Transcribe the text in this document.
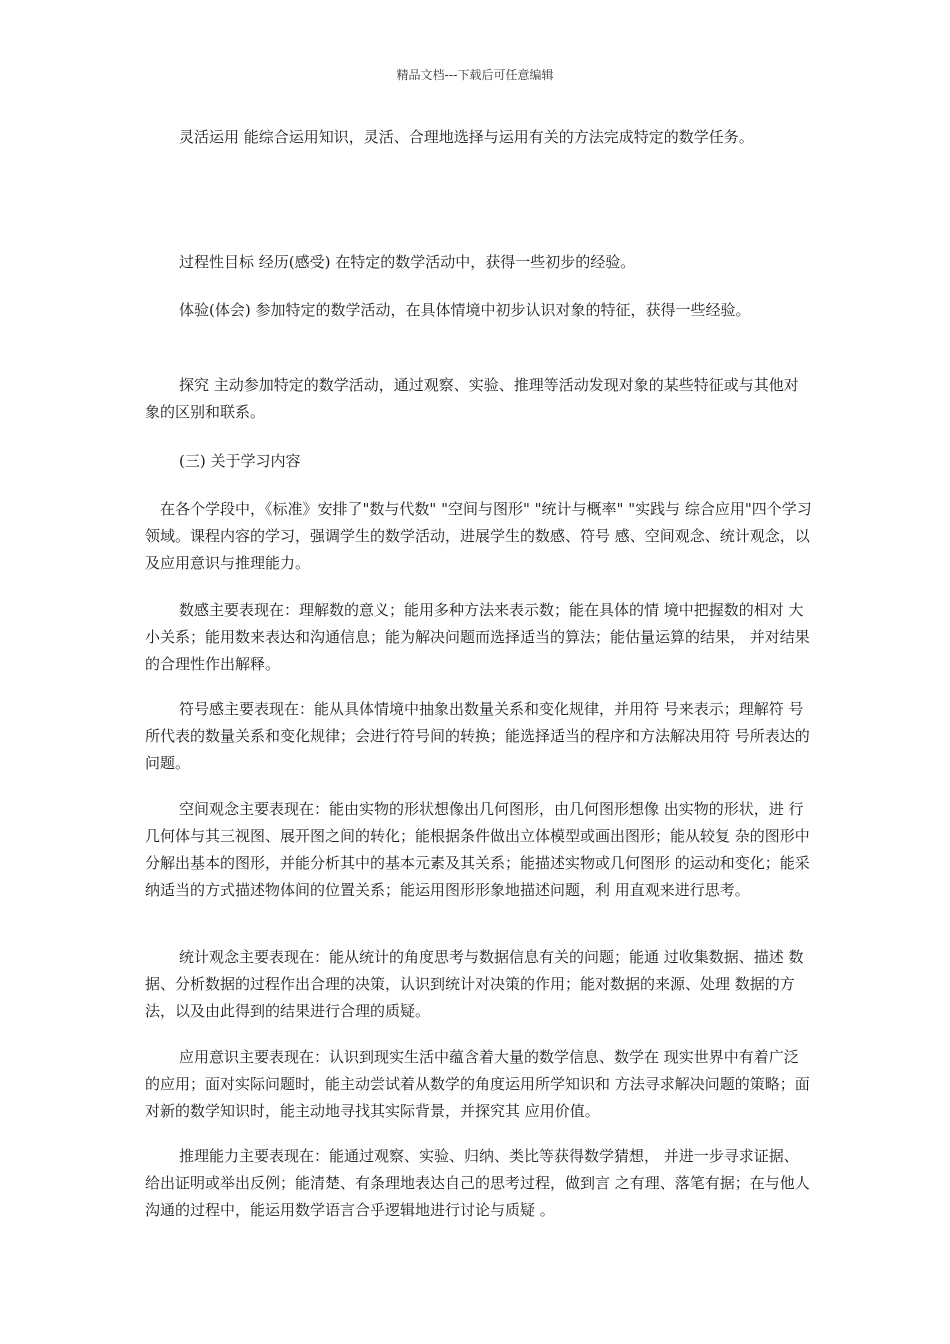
精品文档---下载后可任意编辑

灵活运用 能综合运用知识，灵活、合理地选择与运用有关的方法完成特定的数学任务。

过程性目标 经历(感受) 在特定的数学活动中，获得一些初步的经验。

体验(体会) 参加特定的数学活动，在具体情境中初步认识对象的特征，获得一些经验。

探究 主动参加特定的数学活动，通过观察、实验、推理等活动发现对象的某些特征或与其他对象的区别和联系。

(三) 关于学习内容

在各个学段中，《标准》安排了"数与代数" "空间与图形" "统计与概率" "实践与 综合应用"四个学习领域。课程内容的学习，强调学生的数学活动，进展学生的数感、符号 感、空间观念、统计观念，以及应用意识与推理能力。

数感主要表现在：理解数的意义；能用多种方法来表示数；能在具体的情 境中把握数的相对 大小关系；能用数来表达和沟通信息；能为解决问题而选择适当的算法；能估量运算的结果， 并对结果的合理性作出解释。

符号感主要表现在：能从具体情境中抽象出数量关系和变化规律，并用符 号来表示；理解符 号所代表的数量关系和变化规律；会进行符号间的转换；能选择适当的程序和方法解决用符 号所表达的问题。

空间观念主要表现在：能由实物的形状想像出几何图形，由几何图形想像 出实物的形状，进 行几何体与其三视图、展开图之间的转化；能根据条件做出立体模型或画出图形；能从较复 杂的图形中分解出基本的图形，并能分析其中的基本元素及其关系；能描述实物或几何图形 的运动和变化；能采纳适当的方式描述物体间的位置关系；能运用图形形象地描述问题，利 用直观来进行思考。

统计观念主要表现在：能从统计的角度思考与数据信息有关的问题；能通 过收集数据、描述 数据、分析数据的过程作出合理的决策，认识到统计对决策的作用；能对数据的来源、处理 数据的方法，以及由此得到的结果进行合理的质疑。

应用意识主要表现在：认识到现实生活中蕴含着大量的数学信息、数学在 现实世界中有着广泛的应用；面对实际问题时，能主动尝试着从数学的角度运用所学知识和 方法寻求解决问题的策略；面对新的数学知识时，能主动地寻找其实际背景，并探究其 应用价值。

推理能力主要表现在：能通过观察、实验、归纳、类比等获得数学猜想， 并进一步寻求证据、给出证明或举出反例；能清楚、有条理地表达自己的思考过程，做到言 之有理、落笔有据；在与他人沟通的过程中，能运用数学语言合乎逻辑地进行讨论与质疑 。
